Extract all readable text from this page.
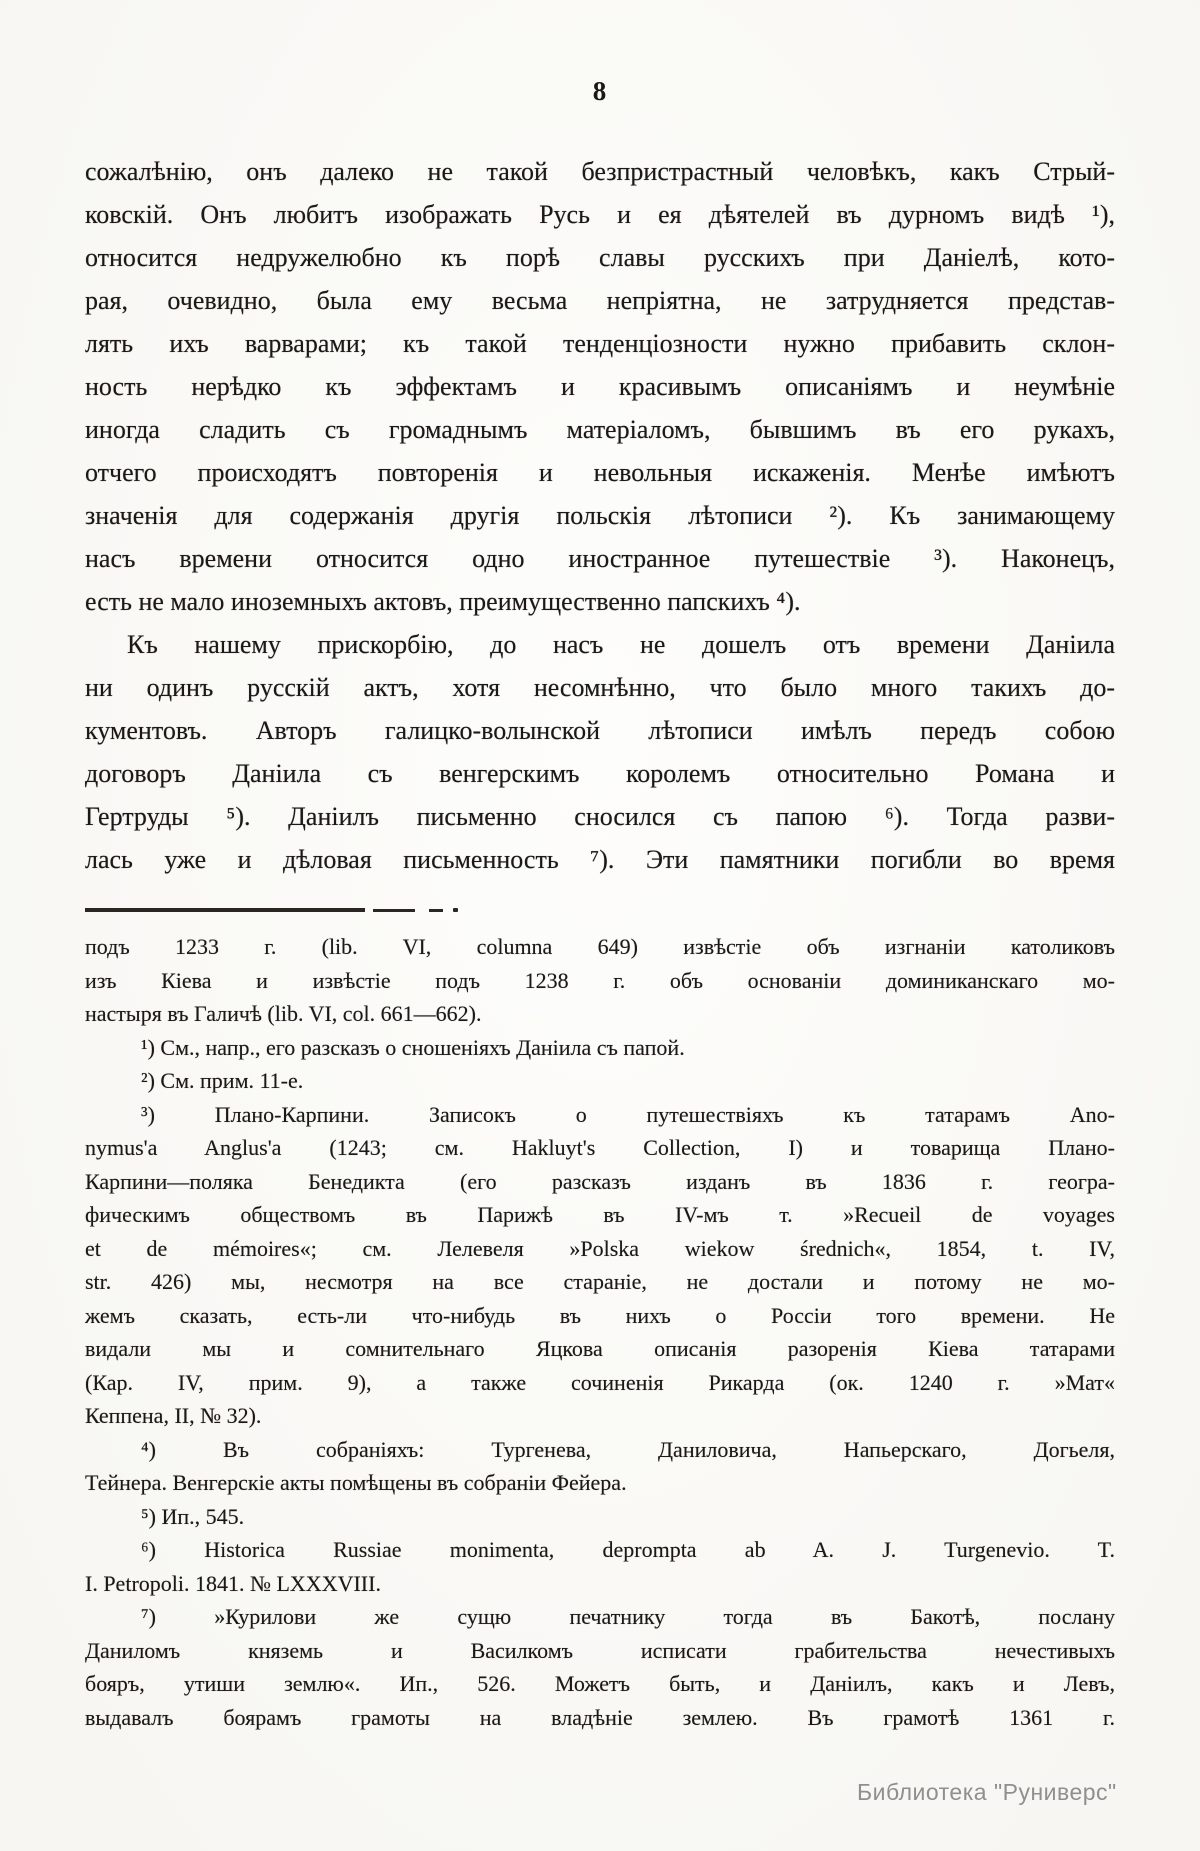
8
сожалѣнію, онъ далеко не такой безпристрастный человѣкъ, какъ Стрый-
ковскій. Онъ любитъ изображать Русь и ея дѣятелей въ дурномъ видѣ ¹),
относится недружелюбно къ порѣ славы русскихъ при Даніелѣ, кото-
рая, очевидно, была ему весьма непріятна, не затрудняется представ-
лять ихъ варварами; къ такой тенденціозности нужно прибавить склон-
ность нерѣдко къ эффектамъ и красивымъ описаніямъ и неумѣніе
иногда сладить съ громаднымъ матеріаломъ, бывшимъ въ его рукахъ,
отчего происходятъ повторенія и невольныя искаженія. Менѣе имѣютъ
значенія для содержанія другія польскія лѣтописи ²). Къ занимающему
насъ времени относится одно иностранное путешествіе ³). Наконецъ,
есть не мало иноземныхъ актовъ, преимущественно папскихъ ⁴).
Къ нашему прискорбію, до насъ не дошелъ отъ времени Даніила
ни одинъ русскій актъ, хотя несомнѣнно, что было много такихъ до-
кументовъ. Авторъ галицко-волынской лѣтописи имѣлъ передъ собою
договоръ Даніила съ венгерскимъ королемъ относительно Романа и
Гертруды ⁵). Даніилъ письменно сносился съ папою ⁶). Тогда разви-
лась уже и дѣловая письменность ⁷). Эти памятники погибли во время
подъ 1233 г. (lib. VI, columna 649) извѣстіе объ изгнаніи католиковъ
изъ Кіева и извѣстіе подъ 1238 г. объ основаніи доминиканскаго мо-
настыря въ Галичѣ (lib. VI, col. 661—662).
¹) См., напр., его разсказъ о сношеніяхъ Даніила съ папой.
²) См. прим. 11-е.
³) Плано-Карпини. Записокъ о путешествіяхъ къ татарамъ Ano-
nymus'a Anglus'a (1243; см. Hakluyt's Collection, I) и товарища Плано-
Карпини—поляка Бенедикта (его разсказъ изданъ въ 1836 г. геогра-
фическимъ обществомъ въ Парижѣ въ IV-мъ т. »Recueil de voyages
et de mémoires«; см. Лелевеля »Polska wiekow średnich«, 1854, t. IV,
str. 426) мы, несмотря на все стараніе, не достали и потому не мо-
жемъ сказать, есть-ли что-нибудь въ нихъ о Россіи того времени. Не
видали мы и сомнительнаго Яцкова описанія разоренія Кіева татарами
(Кар. IV, прим. 9), а также сочиненія Рикарда (ок. 1240 г. »Мат«
Кеппена, II, № 32).
⁴) Въ собраніяхъ: Тургенева, Даниловича, Напьерскаго, Догьеля,
Тейнера. Венгерскіе акты помѣщены въ собраніи Фейера.
⁵) Ип., 545.
⁶) Historica Russiae monimenta, deprompta ab A. J. Turgenevio. T.
I. Petropoli. 1841. № LXXXVIII.
⁷) »Курилови же сущю печатнику тогда въ Бакотѣ, послану
Даниломъ княземь и Василкомъ исписати грабительства нечестивыхъ
бояръ, утиши землю«. Ип., 526. Можетъ быть, и Даніилъ, какъ и Левъ,
выдавалъ боярамъ грамоты на владѣніе землею. Въ грамотѣ 1361 г.
Библиотека "Руниверс"
